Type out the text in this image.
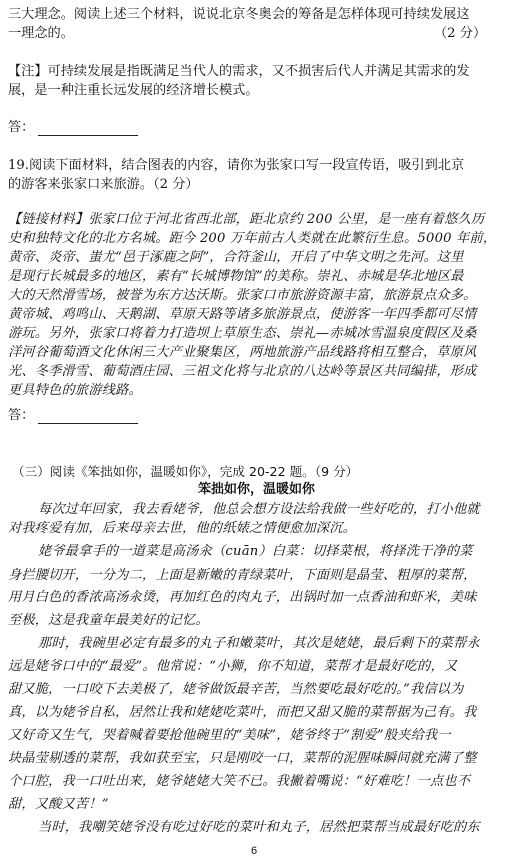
三大理念。阅读上述三个材料，说说北京冬奥会的筹备是怎样体现可持续发展这
一理念的。	（2 分）
【注】可持续发展是指既满足当代人的需求，又不损害后代人并满足其需求的发
展，是一种注重长远发展的经济增长模式。
答：
19.阅读下面材料，结合图表的内容，请你为张家口写一段宣传语，吸引到北京
的游客来张家口来旅游。（2 分）
【链接材料】张家口位于河北省西北部，距北京约 200 公里，是一座有着悠久历
史和独特文化的北方名城。距今 200 万年前古人类就在此繁衍生息。5000 年前，
黄帝、炎帝、蚩尤“邑于涿鹿之阿”，合符釜山，开启了中华文明之先河。这里
是现行长城最多的地区，素有“长城博物馆”的美称。崇礼、赤城是华北地区最
大的天然滑雪场，被誉为东方达沃斯。张家口市旅游资源丰富，旅游景点众多。
黄帝城、鸡鸣山、天鹅湖、草原天路等诸多旅游景点，使游客一年四季都可尽情
游玩。另外，张家口将着力打造坝上草原生态、崇礼—赤城冰雪温泉度假区及桑
洋河谷葡萄酒文化休闲三大产业聚集区，两地旅游产品线路将相互整合，草原风
光、冬季滑雪、葡萄酒庄园、三祖文化将与北京的八达岭等景区共同编排，形成
更具特色的旅游线路。
答：
（三）阅读《笨拙如你，温暖如你》，完成 20-22 题。（9 分）
笨拙如你，温暖如你
每次过年回家，我去看姥爷，他总会想方设法给我做一些好吃的，打小他就
对我疼爱有加，后来母亲去世，他的纸婊之情便愈加深沉。
姥爷最拿手的一道菜是高汤汆（cuān）白菜：切择菜根，将择洗干净的菜
身拦腰切开，一分为二，上面是新嫩的青绿菜叶，下面则是晶莹、粗厚的菜帮，
用月白色的香浓高汤汆烫，再加红色的肉丸子，出锅时加一点香油和虾米，美味
至极，这是我童年最美好的记忆。
那时，我碗里必定有最多的丸子和嫩菜叶，其次是姥姥，最后剩下的菜帮永
远是姥爷口中的“最爱”。他常说：“小狮，你不知道，菜帮才是最好吃的，又
甜又脆，一口咬下去美极了，姥爷做饭最辛苦，当然要吃最好吃的。”我信以为
真，以为姥爷自私，居然让我和姥姥吃菜叶，而把又甜又脆的菜帮据为己有。我
又好奇又生气，哭着喊着要抢他碗里的“美味”，姥爷终于“割爱”般夹给我一
块晶莹剔透的菜帮，我如获至宝，只是刚咬一口，菜帮的泥腥味瞬间就充满了整
个口腔，我一口吐出来，姥爷姥姥大笑不已。我撇着嘴说：“好难吃！一点也不
甜，又酸又苦！”
当时，我嘲笑姥爷没有吃过好吃的菜叶和丸子，居然把菜帮当成最好吃的东
6
